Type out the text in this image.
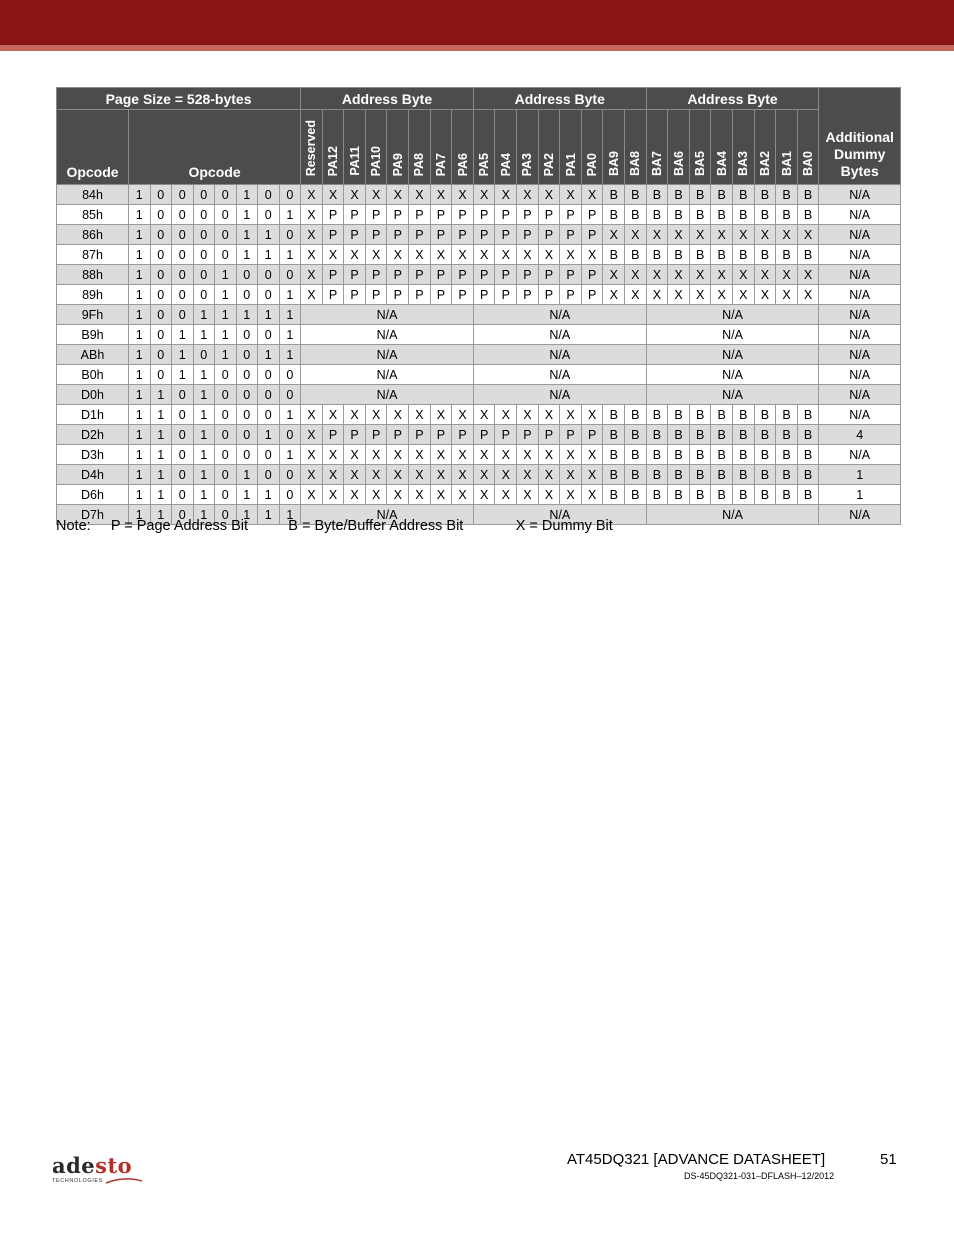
Page Size = 528-bytes									Address Byte								Address Byte								Address Byte								Additional
Dummy
Bytes
Opcode	Opcode								Reserved	PA12	PA11	PA10	PA9	PA8	PA7	PA6	PA5	PA4	PA3	PA2	PA1	PA0	BA9	BA8	BA7	BA6	BA5	BA4	BA3	BA2	BA1	BA0	
84h	1	0	0	0	0	1	0	0	X	X	X	X	X	X	X	X	X	X	X	X	X	X	B	B	B	B	B	B	B	B	B	B	N/A
85h	1	0	0	0	0	1	0	1	X	P	P	P	P	P	P	P	P	P	P	P	P	P	B	B	B	B	B	B	B	B	B	B	N/A
86h	1	0	0	0	0	1	1	0	X	P	P	P	P	P	P	P	P	P	P	P	P	P	X	X	X	X	X	X	X	X	X	X	N/A
87h	1	0	0	0	0	1	1	1	X	X	X	X	X	X	X	X	X	X	X	X	X	X	B	B	B	B	B	B	B	B	B	B	N/A
88h	1	0	0	0	1	0	0	0	X	P	P	P	P	P	P	P	P	P	P	P	P	P	X	X	X	X	X	X	X	X	X	X	N/A
89h	1	0	0	0	1	0	0	1	X	P	P	P	P	P	P	P	P	P	P	P	P	P	X	X	X	X	X	X	X	X	X	X	N/A
9Fh	1	0	0	1	1	1	1	1	N/A								N/A								N/A								N/A
B9h	1	0	1	1	1	0	0	1	N/A								N/A								N/A								N/A
ABh	1	0	1	0	1	0	1	1	N/A								N/A								N/A								N/A
B0h	1	0	1	1	0	0	0	0	N/A								N/A								N/A								N/A
D0h	1	1	0	1	0	0	0	0	N/A								N/A								N/A								N/A
D1h	1	1	0	1	0	0	0	1	X	X	X	X	X	X	X	X	X	X	X	X	X	X	B	B	B	B	B	B	B	B	B	B	N/A
D2h	1	1	0	1	0	0	1	0	X	P	P	P	P	P	P	P	P	P	P	P	P	P	B	B	B	B	B	B	B	B	B	B	4
D3h	1	1	0	1	0	0	0	1	X	X	X	X	X	X	X	X	X	X	X	X	X	X	B	B	B	B	B	B	B	B	B	B	N/A
D4h	1	1	0	1	0	1	0	0	X	X	X	X	X	X	X	X	X	X	X	X	X	X	B	B	B	B	B	B	B	B	B	B	1
D6h	1	1	0	1	0	1	1	0	X	X	X	X	X	X	X	X	X	X	X	X	X	X	B	B	B	B	B	B	B	B	B	B	1
D7h	1	1	0	1	0	1	1	1	N/A								N/A								N/A								N/A
Note: P = Page Address Bit	B = Byte/Buffer Address Bit	X = Dummy Bit
adesto
TECHNOLOGIES
AT45DQ321 [ADVANCE DATASHEET]	51
DS-45DQ321-031–DFLASH–12/2012
